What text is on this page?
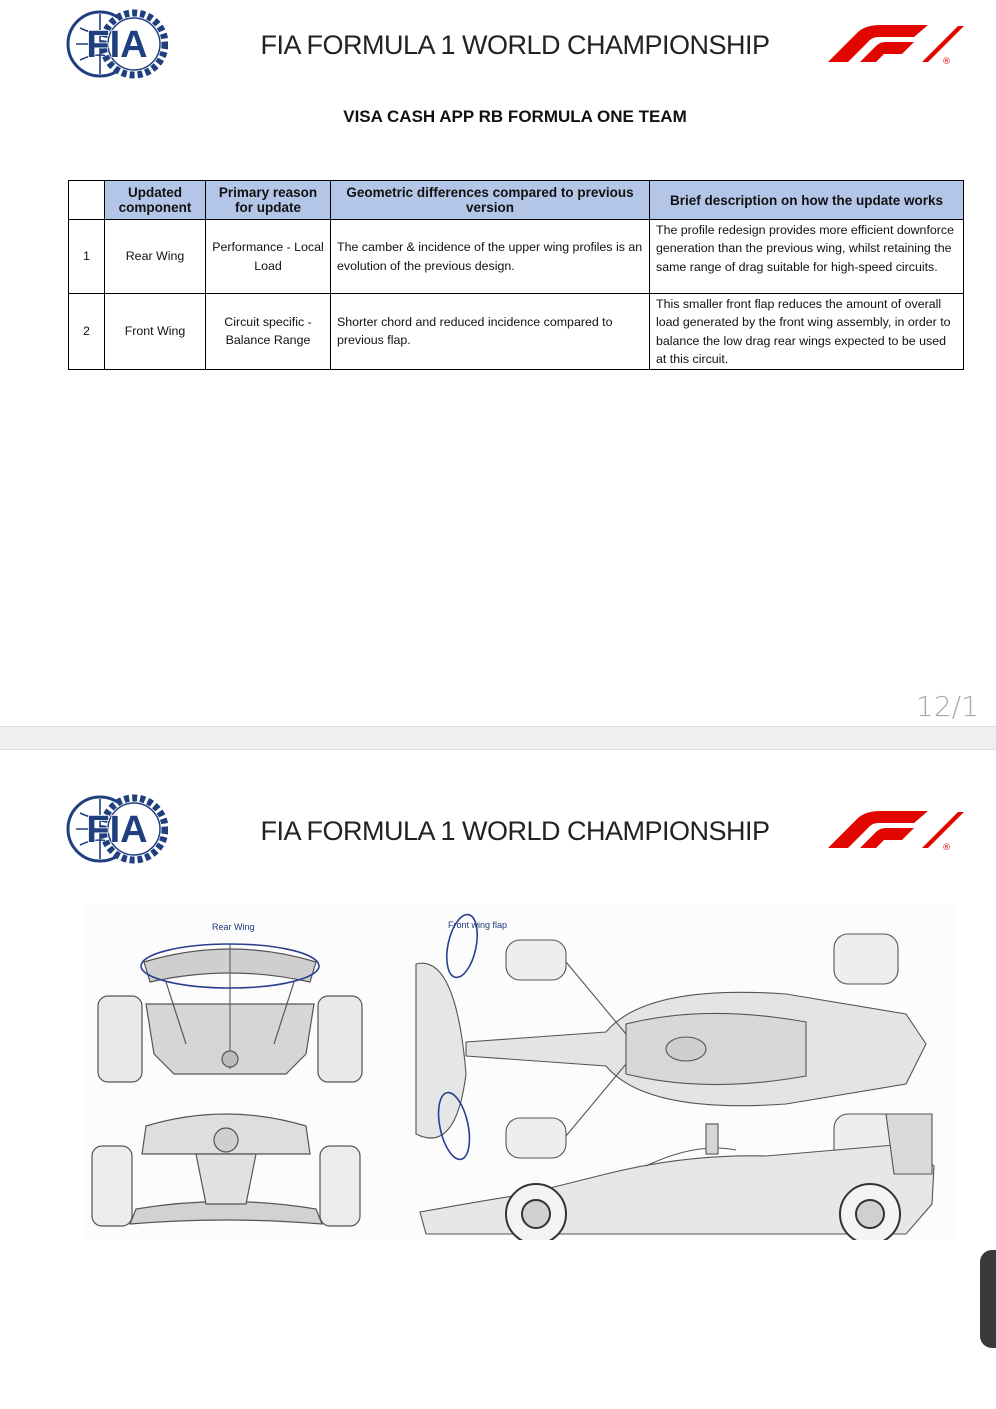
FIA	FIA FORMULA 1 WORLD CHAMPIONSHIP
®
VISA CASH APP RB FORMULA ONE TEAM
	Updated component	Primary reason for update	Geometric differences compared to previous version	Brief description on how the update works
1	Rear Wing	Performance - Local Load	The camber & incidence of the upper wing profiles is an evolution of the previous design.	The profile redesign provides more efficient downforce generation than the previous wing, whilst retaining the same range of drag suitable for high-speed circuits.
2	Front Wing	Circuit specific - Balance Range	Shorter chord and reduced incidence compared to previous flap.	This smaller front flap reduces the amount of overall load generated by the front wing assembly, in order to balance the low drag rear wings expected to be used at this circuit.
12/1
FIA	FIA FORMULA 1 WORLD CHAMPIONSHIP
®
Rear Wing	Front wing flap
